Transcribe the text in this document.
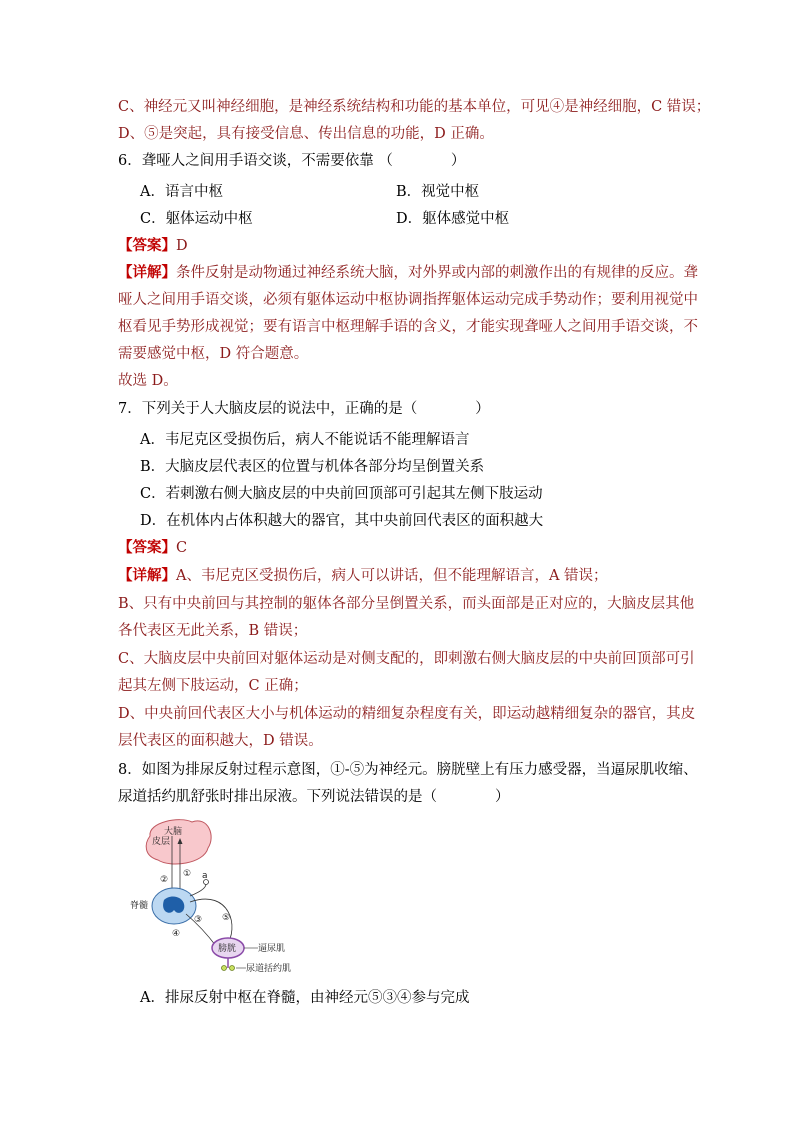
C、神经元又叫神经细胞，是神经系统结构和功能的基本单位，可见④是神经细胞，C 错误；
D、⑤是突起，具有接受信息、传出信息的功能，D 正确。
6．聋哑人之间用手语交谈，不需要依靠 （　　　　）
A．语言中枢	B．视觉中枢
C．躯体运动中枢	D．躯体感觉中枢
【答案】D
【详解】条件反射是动物通过神经系统大脑，对外界或内部的刺激作出的有规律的反应。聋
哑人之间用手语交谈，必须有躯体运动中枢协调指挥躯体运动完成手势动作；要利用视觉中
枢看见手势形成视觉；要有语言中枢理解手语的含义，才能实现聋哑人之间用手语交谈，不
需要感觉中枢，D 符合题意。
故选 D。
7．下列关于人大脑皮层的说法中，正确的是（　　　　）
A．韦尼克区受损伤后，病人不能说话不能理解语言
B．大脑皮层代表区的位置与机体各部分均呈倒置关系
C．若刺激右侧大脑皮层的中央前回顶部可引起其左侧下肢运动
D．在机体内占体积越大的器官，其中央前回代表区的面积越大
【答案】C
【详解】A、韦尼克区受损伤后，病人可以讲话，但不能理解语言，A 错误；
B、只有中央前回与其控制的躯体各部分呈倒置关系，而头面部是正对应的，大脑皮层其他
各代表区无此关系，B 错误；
C、大脑皮层中央前回对躯体运动是对侧支配的，即刺激右侧大脑皮层的中央前回顶部可引
起其左侧下肢运动，C 正确；
D、中央前回代表区大小与机体运动的精细复杂程度有关，即运动越精细复杂的器官，其皮
层代表区的面积越大，D 错误。
8．如图为排尿反射过程示意图，①-⑤为神经元。膀胱壁上有压力感受器，当逼尿肌收缩、
尿道括约肌舒张时排出尿液。下列说法错误的是（　　　　）
大脑
皮层
①
②
脊髓
a
③ ⑤
④
膀胱 逼尿肌
尿道括约肌
A．排尿反射中枢在脊髓，由神经元⑤③④参与完成
